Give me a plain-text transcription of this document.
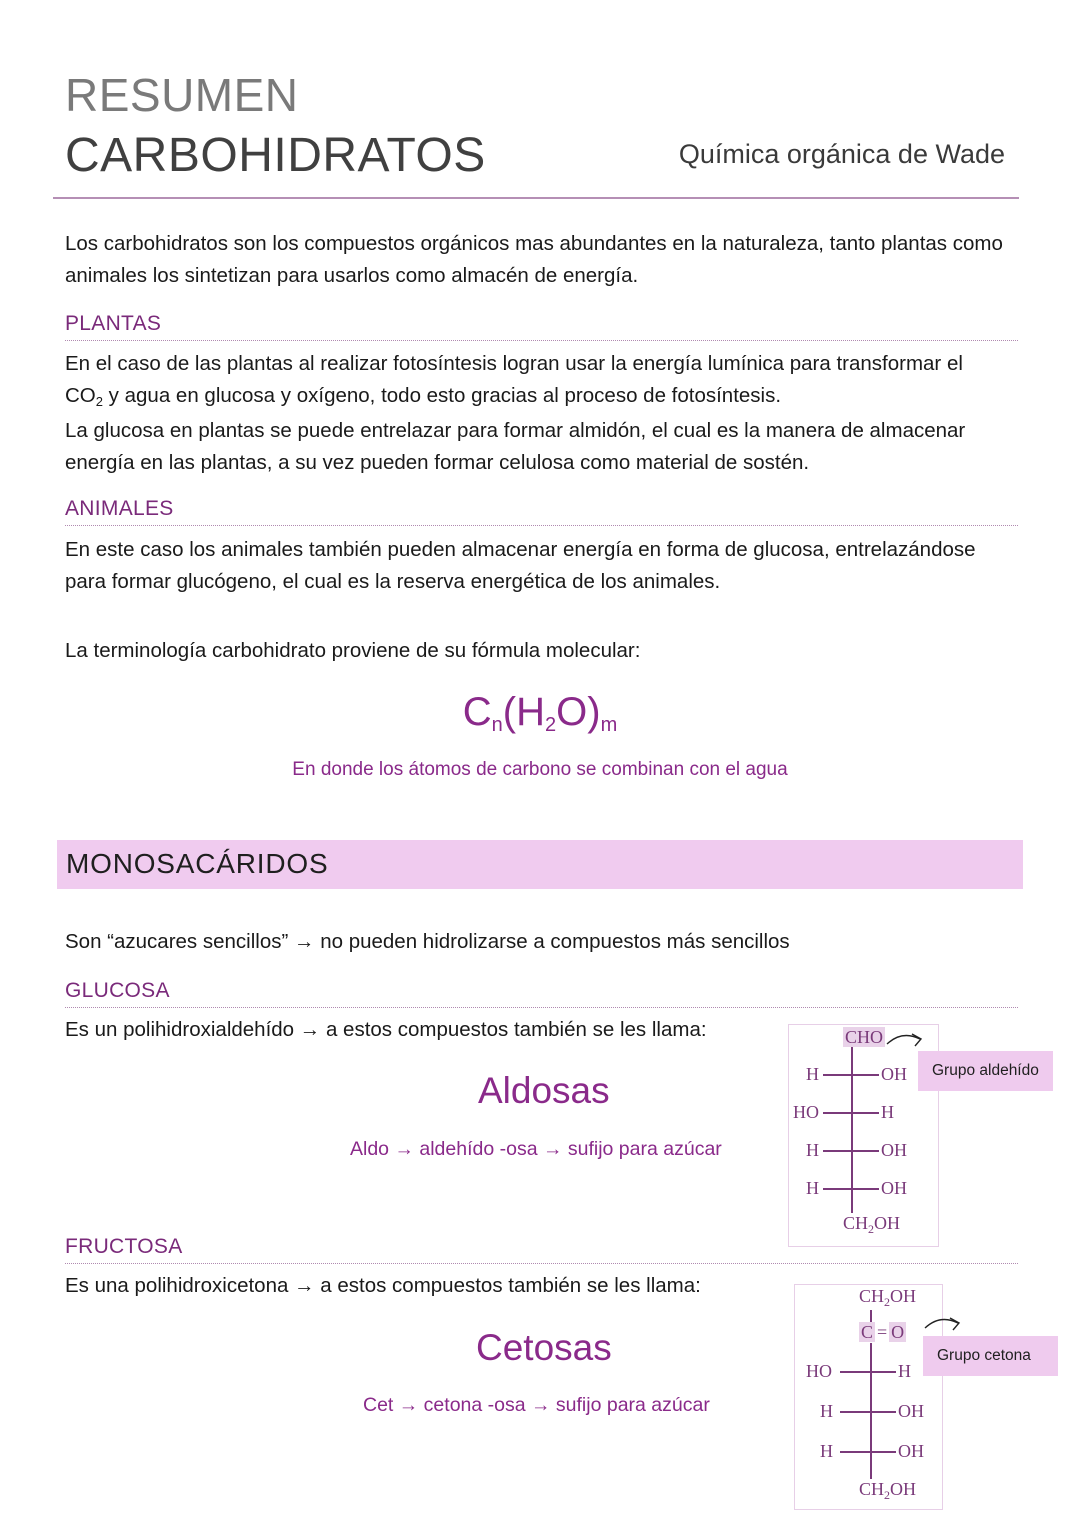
RESUMEN
CARBOHIDRATOS	Química orgánica de Wade
Los carbohidratos son los compuestos orgánicos mas abundantes en la naturaleza, tanto plantas como animales los sintetizan para usarlos como almacén de energía.
PLANTAS
En el caso de las plantas al realizar fotosíntesis logran usar la energía lumínica para transformar el
$CO_2$ y agua en glucosa y oxígeno, todo esto gracias al proceso de fotosíntesis.
La glucosa en plantas se puede entrelazar para formar almidón, el cual es la manera de almacenar energía en las plantas, a su vez pueden formar celulosa como material de sostén.
ANIMALES
En este caso los animales también pueden almacenar energía en forma de glucosa, entrelazándose para formar glucógeno, el cual es la reserva energética de los animales.
La terminología carbohidrato proviene de su fórmula molecular:
Cn(H2O)m
En donde los átomos de carbono se combinan con el agua
MONOSACÁRIDOS
Son “azucares sencillos” → no pueden hidrolizarse a compuestos más sencillos
GLUCOSA
Es un polihidroxialdehído → a estos compuestos también se les llama:
Aldosas
Aldo → aldehído -osa → sufijo para azúcar
CHO
H	OH
HO	H
H	OH
H	OH
$CH_2OH$
Grupo aldehído
FRUCTOSA
Es una polihidroxicetona → a estos compuestos también se les llama:
Cetosas
Cet → cetona -osa → sufijo para azúcar
$CH_2OH$
C = O
HO	H
H	OH
H	OH
$CH_2OH$
Grupo cetona
